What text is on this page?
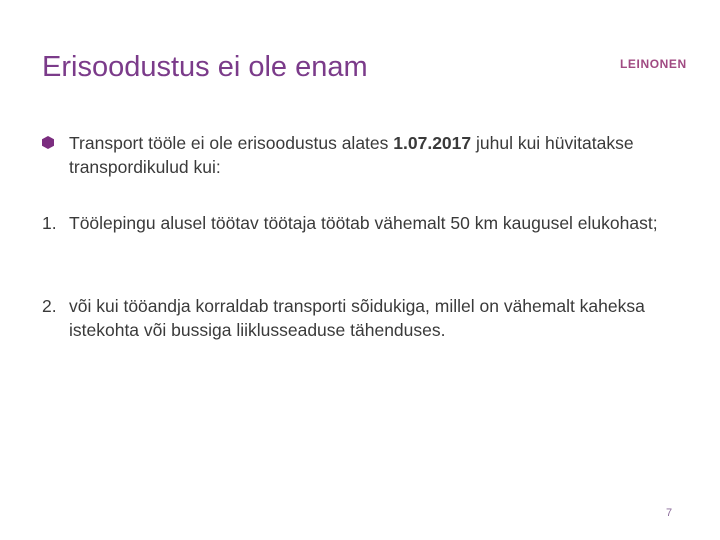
Erisoodustus ei ole enam	LEINONEN
Transport tööle ei ole erisoodustus alates 1.07.2017 juhul kui hüvitatakse transpordikulud kui:
1. Töölepingu alusel töötav töötaja töötab vähemalt 50 km kaugusel elukohast;
2. või kui tööandja korraldab transporti sõidukiga, millel on vähemalt kaheksa istekohta või bussiga liiklusseaduse tähenduses.
7
